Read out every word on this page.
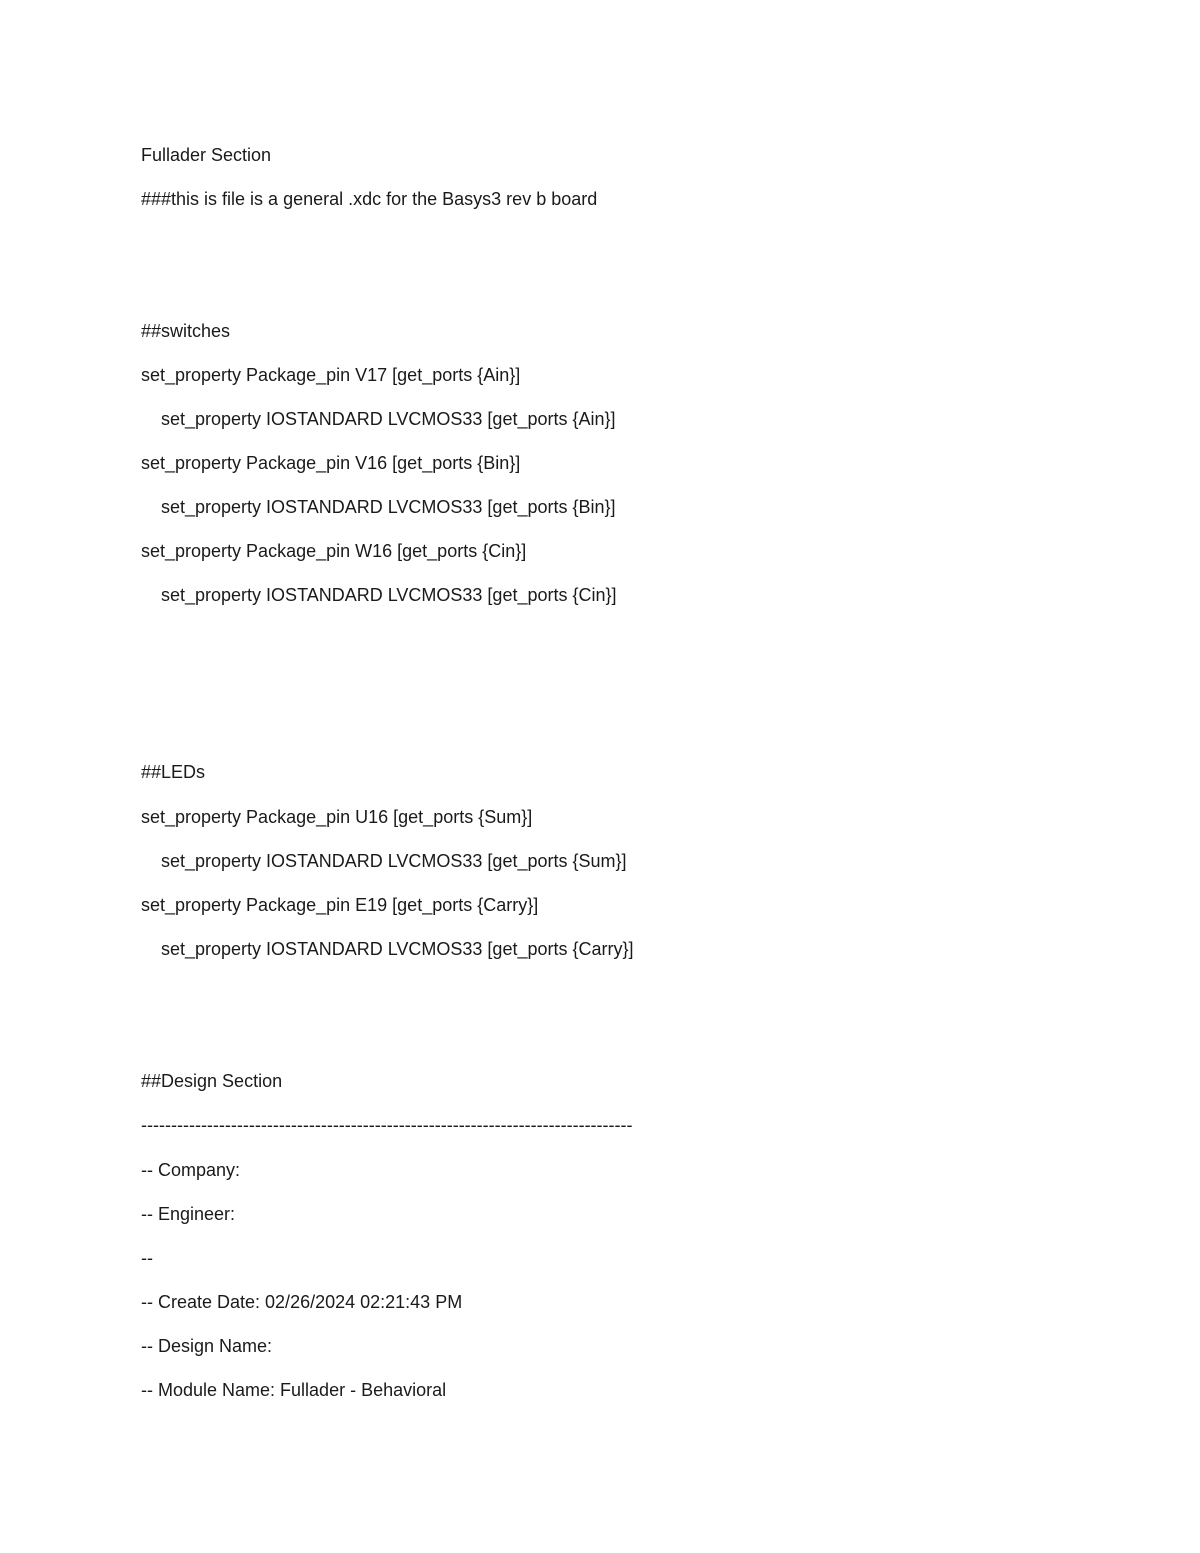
Fullader Section
###this is file is a general .xdc for the Basys3 rev b board
##switches
set_property Package_pin V17 [get_ports {Ain}]
set_property IOSTANDARD LVCMOS33 [get_ports {Ain}]
set_property Package_pin V16 [get_ports {Bin}]
set_property IOSTANDARD LVCMOS33 [get_ports {Bin}]
set_property Package_pin W16 [get_ports {Cin}]
set_property IOSTANDARD LVCMOS33 [get_ports {Cin}]
##LEDs
set_property Package_pin U16 [get_ports {Sum}]
set_property IOSTANDARD LVCMOS33 [get_ports {Sum}]
set_property Package_pin E19 [get_ports {Carry}]
set_property IOSTANDARD LVCMOS33 [get_ports {Carry}]
##Design Section
----------------------------------------------------------------------------------
-- Company:
-- Engineer:
--
-- Create Date: 02/26/2024 02:21:43 PM
-- Design Name:
-- Module Name: Fullader - Behavioral
